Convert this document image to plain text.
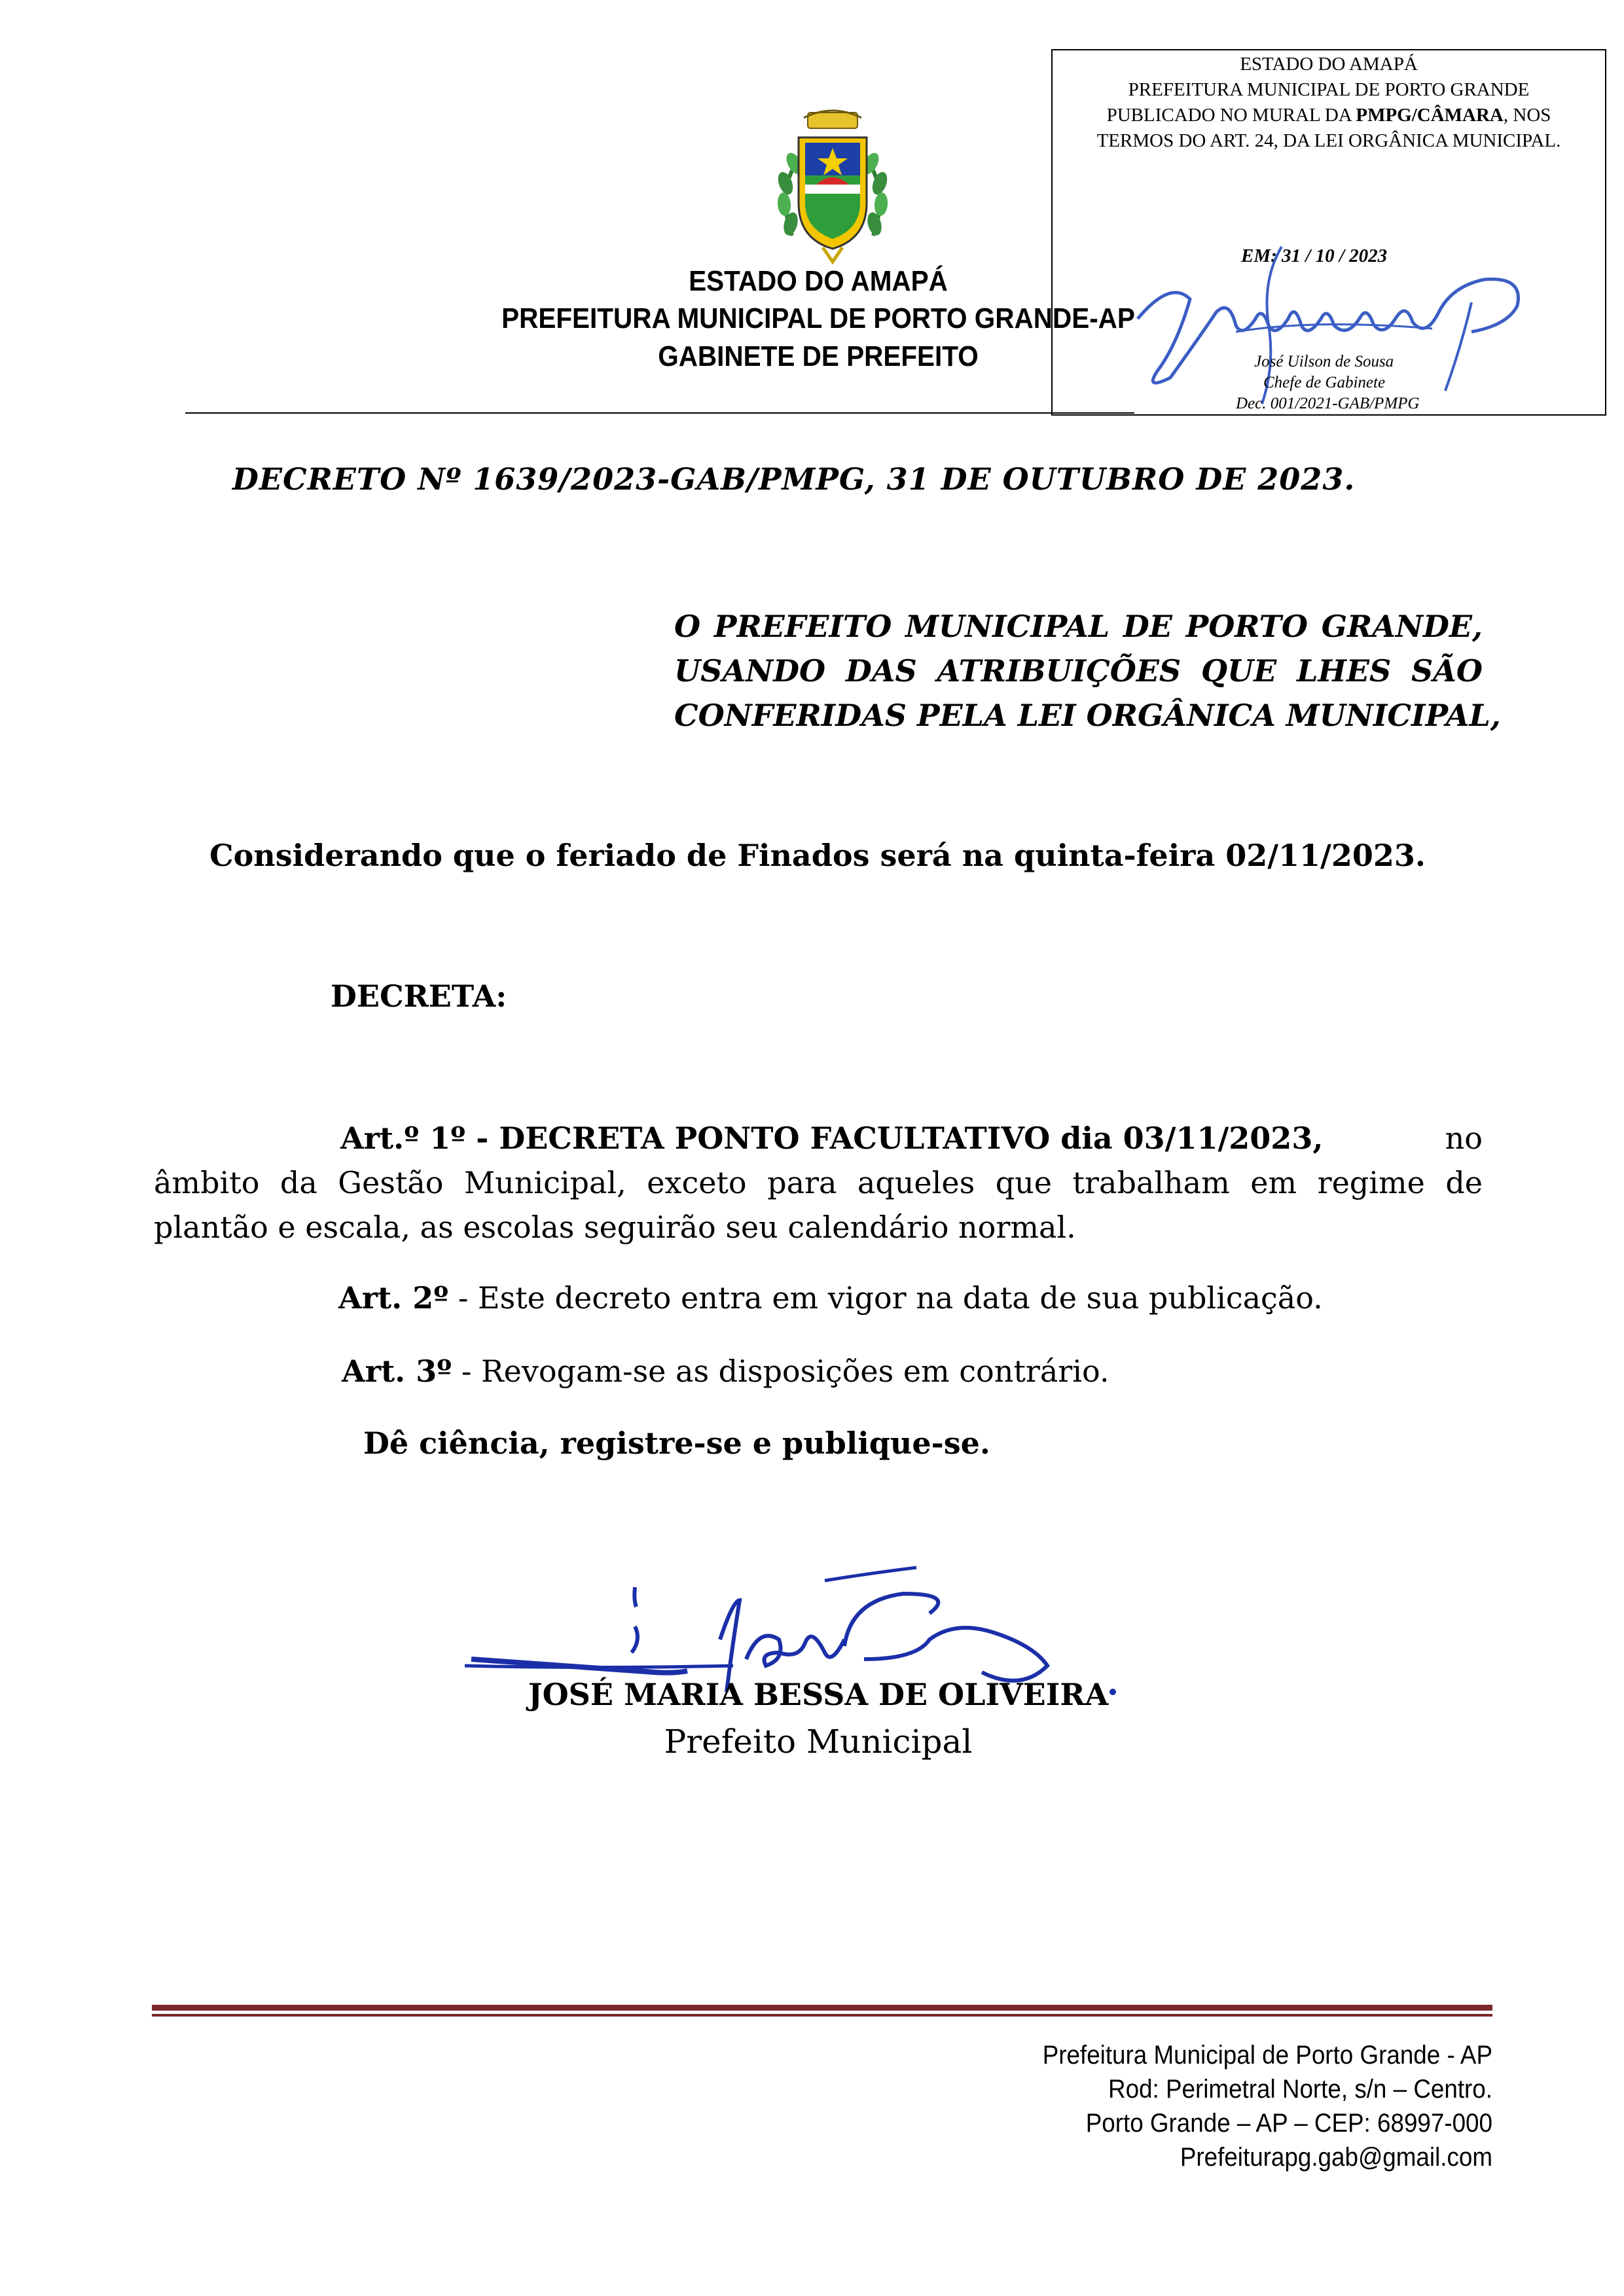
ESTADO DO AMAPÁ
PREFEITURA MUNICIPAL DE PORTO GRANDE-AP
GABINETE DE PREFEITO
ESTADO DO AMAPÁ
PREFEITURA MUNICIPAL DE PORTO GRANDE
PUBLICADO NO MURAL DA PMPG/CÂMARA, NOS
TERMOS DO ART. 24, DA LEI ORGÂNICA MUNICIPAL.
EM: 31 / 10 / 2023
José Uilson de Sousa
Chefe de Gabinete
Dec. 001/2021-GAB/PMPG
DECRETO Nº 1639/2023-GAB/PMPG, 31 DE OUTUBRO DE 2023.
O PREFEITO MUNICIPAL DE PORTO GRANDE,
USANDO DAS ATRIBUIÇÕES QUE LHES SÃO
CONFERIDAS PELA LEI ORGÂNICA MUNICIPAL,
Considerando que o feriado de Finados será na quinta-feira 02/11/2023.
DECRETA:
Art.º 1º - DECRETA PONTO FACULTATIVO dia 03/11/2023,	no
âmbito da Gestão Municipal, exceto para aqueles que trabalham em regime de
plantão e escala, as escolas seguirão seu calendário normal.
Art. 2º - Este decreto entra em vigor na data de sua publicação.
Art. 3º - Revogam-se as disposições em contrário.
Dê ciência, registre-se e publique-se.
JOSÉ MARIA BESSA DE OLIVEIRA
Prefeito Municipal
Prefeitura Municipal de Porto Grande - AP
Rod: Perimetral Norte, s/n – Centro.
Porto Grande – AP – CEP: 68997-000
Prefeiturapg.gab@gmail.com
